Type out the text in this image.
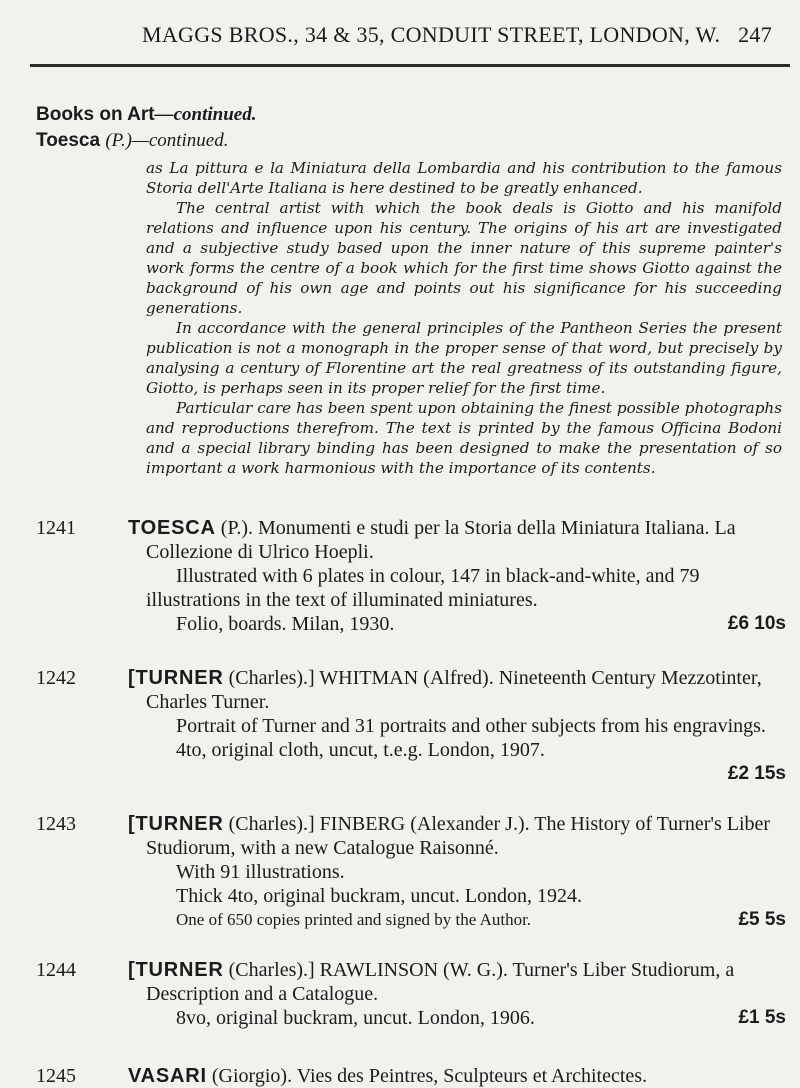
MAGGS BROS., 34 & 35, CONDUIT STREET, LONDON, W. 247
Books on Art—continued.
Toesca (P.)—continued.

as La pittura e la Miniatura della Lombardia and his contribution to the famous Storia dell'Arte Italiana is here destined to be greatly enhanced.

The central artist with which the book deals is Giotto and his manifold relations and influence upon his century. The origins of his art are investigated and a subjective study based upon the inner nature of this supreme painter's work forms the centre of a book which for the first time shows Giotto against the background of his own age and points out his significance for his succeeding generations.

In accordance with the general principles of the Pantheon Series the present publication is not a monograph in the proper sense of that word, but precisely by analysing a century of Florentine art the real greatness of its outstanding figure, Giotto, is perhaps seen in its proper relief for the first time.

Particular care has been spent upon obtaining the finest possible photographs and reproductions therefrom. The text is printed by the famous Officina Bodoni and a special library binding has been designed to make the presentation of so important a work harmonious with the importance of its contents.

1241	TOESCA (P.). Monumenti e studi per la Storia della Miniatura Italiana. La Collezione di Ulrico Hoepli.
Illustrated with 6 plates in colour, 147 in black-and-white, and 79 illustrations in the text of illuminated miniatures.
Folio, boards. Milan, 1930.	£6 10s
1242	[TURNER (Charles).] WHITMAN (Alfred). Nineteenth Century Mezzotinter, Charles Turner.
Portrait of Turner and 31 portraits and other subjects from his engravings.
4to, original cloth, uncut, t.e.g. London, 1907.
£2 15s
1243	[TURNER (Charles).] FINBERG (Alexander J.). The History of Turner's Liber Studiorum, with a new Catalogue Raisonné.
With 91 illustrations.
Thick 4to, original buckram, uncut. London, 1924.
One of 650 copies printed and signed by the Author.	£5 5s
1244	[TURNER (Charles).] RAWLINSON (W. G.). Turner's Liber Studiorum, a Description and a Catalogue.
8vo, original buckram, uncut. London, 1906.	£1 5s
1245	VASARI (Giorgio). Vies des Peintres, Sculpteurs et Architectes.
